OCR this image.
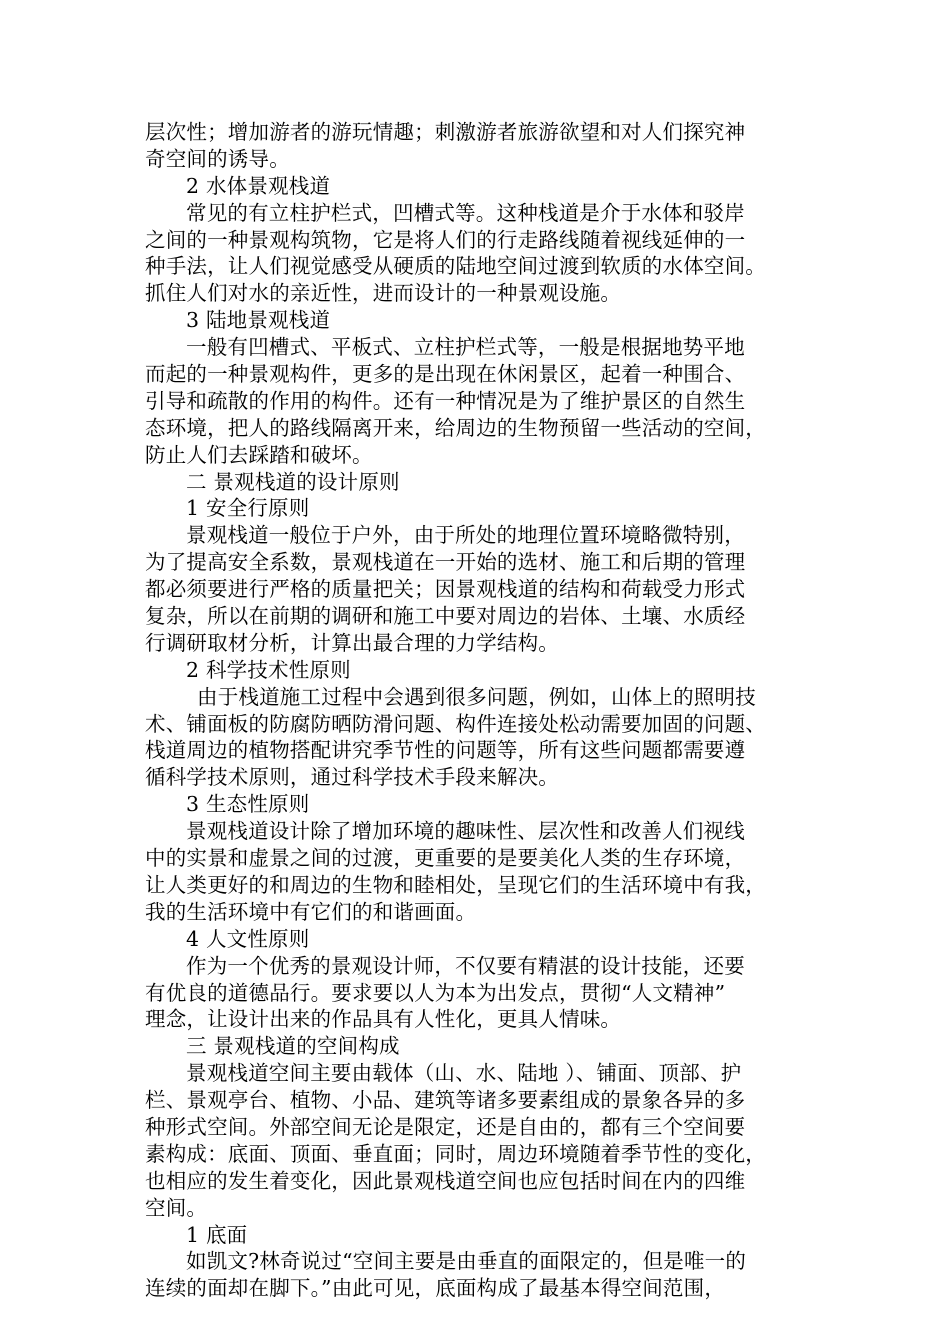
层次性；增加游者的游玩情趣；刺激游者旅游欲望和对人们探究神
奇空间的诱导。
2 水体景观栈道
常见的有立柱护栏式，凹槽式等。这种栈道是介于水体和驳岸
之间的一种景观构筑物，它是将人们的行走路线随着视线延伸的一
种手法，让人们视觉感受从硬质的陆地空间过渡到软质的水体空间。
抓住人们对水的亲近性，进而设计的一种景观设施。
3 陆地景观栈道
一般有凹槽式、平板式、立柱护栏式等，一般是根据地势平地
而起的一种景观构件，更多的是出现在休闲景区，起着一种围合、
引导和疏散的作用的构件。还有一种情况是为了维护景区的自然生
态环境，把人的路线隔离开来，给周边的生物预留一些活动的空间，
防止人们去踩踏和破坏。
二 景观栈道的设计原则
1 安全行原则
景观栈道一般位于户外，由于所处的地理位置环境略微特别，
为了提高安全系数，景观栈道在一开始的选材、施工和后期的管理
都必须要进行严格的质量把关；因景观栈道的结构和荷载受力形式
复杂，所以在前期的调研和施工中要对周边的岩体、土壤、水质经
行调研取材分析，计算出最合理的力学结构。
2 科学技术性原则
由于栈道施工过程中会遇到很多问题，例如，山体上的照明技
术、铺面板的防腐防晒防滑问题、构件连接处松动需要加固的问题、
栈道周边的植物搭配讲究季节性的问题等，所有这些问题都需要遵
循科学技术原则，通过科学技术手段来解决。
3 生态性原则
景观栈道设计除了增加环境的趣味性、层次性和改善人们视线
中的实景和虚景之间的过渡，更重要的是要美化人类的生存环境，
让人类更好的和周边的生物和睦相处，呈现它们的生活环境中有我，
我的生活环境中有它们的和谐画面。
4 人文性原则
作为一个优秀的景观设计师，不仅要有精湛的设计技能，还要
有优良的道德品行。要求要以人为本为出发点，贯彻“人文精神”
理念，让设计出来的作品具有人性化，更具人情味。
三 景观栈道的空间构成
景观栈道空间主要由载体（山、水、陆地 ）、铺面、顶部、护
栏、景观亭台、植物、小品、建筑等诸多要素组成的景象各异的多
种形式空间。外部空间无论是限定，还是自由的，都有三个空间要
素构成：底面、顶面、垂直面；同时，周边环境随着季节性的变化，
也相应的发生着变化，因此景观栈道空间也应包括时间在内的四维
空间。
1 底面
如凯文?林奇说过“空间主要是由垂直的面限定的，但是唯一的
连续的面却在脚下。”由此可见，底面构成了最基本得空间范围，
